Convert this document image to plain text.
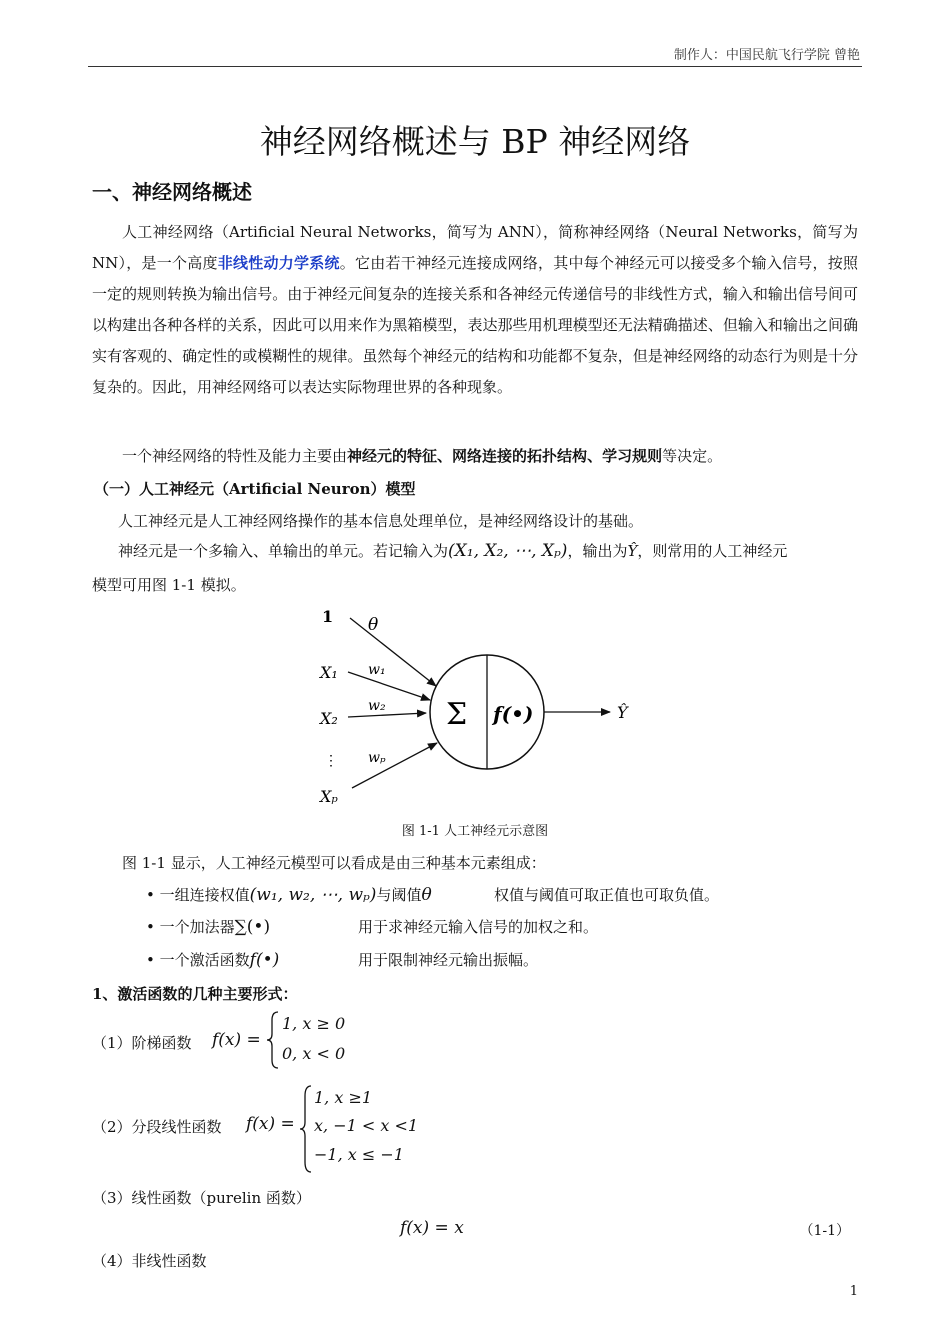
制作人：中国民航飞行学院 曾艳
神经网络概述与 BP 神经网络
一、神经网络概述
人工神经网络（Artificial Neural Networks，简写为 ANN），简称神经网络（Neural Networks，简写为 NN），是一个高度非线性动力学系统。它由若干神经元连接成网络，其中每个神经元可以接受多个输入信号，按照一定的规则转换为输出信号。由于神经元间复杂的连接关系和各神经元传递信号的非线性方式，输入和输出信号间可以构建出各种各样的关系，因此可以用来作为黑箱模型，表达那些用机理模型还无法精确描述、但输入和输出之间确实有客观的、确定性的或模糊性的规律。虽然每个神经元的结构和功能都不复杂，但是神经网络的动态行为则是十分复杂的。因此，用神经网络可以表达实际物理世界的各种现象。
一个神经网络的特性及能力主要由神经元的特征、网络连接的拓扑结构、学习规则等决定。
（一）人工神经元（Artificial Neuron）模型
人工神经元是人工神经网络操作的基本信息处理单位，是神经网络设计的基础。
神经元是一个多输入、单输出的单元。若记输入为(X₁, X₂, ⋯, Xₚ)，输出为Ŷ，则常用的人工神经元
模型可用图 1-1 模拟。
1 θ
X₁ w₁
w₂
X₂
⋮ wₚ
Xₚ
Σ f(•)	Ŷ
图 1-1 人工神经元示意图
图 1-1 显示，人工神经元模型可以看成是由三种基本元素组成：
• 一组连接权值(w₁, w₂, ⋯, wₚ)与阈值θ	权值与阈值可取正值也可取负值。
• 一个加法器∑(•)	用于求神经元输入信号的加权之和。
• 一个激活函数f(•)	用于限制神经元输出振幅。
1、激活函数的几种主要形式：
（1）阶梯函数 f(x) =
1, x ≥ 0
0, x < 0
（2）分段线性函数 f(x) =
1, x ≥1
x, −1 < x <1
−1, x ≤ −1
（3）线性函数（purelin 函数）
f(x) = x	（1-1）
（4）非线性函数
1
